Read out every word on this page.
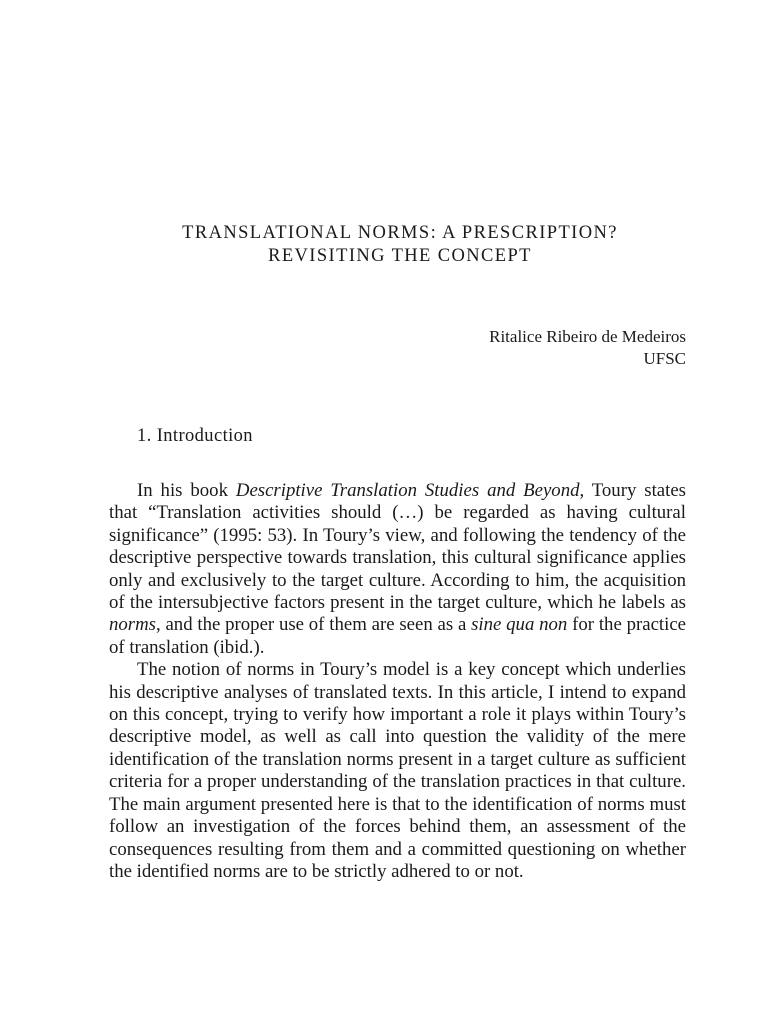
TRANSLATIONAL NORMS: A PRESCRIPTION?
REVISITING THE CONCEPT
Ritalice Ribeiro de Medeiros
UFSC
1. Introduction

In his book Descriptive Translation Studies and Beyond, Toury states that “Translation activities should (…) be regarded as having cultural significance” (1995: 53). In Toury’s view, and following the tendency of the descriptive perspective towards translation, this cultural significance applies only and exclusively to the target culture. According to him, the acquisition of the intersubjective factors present in the target culture, which he labels as norms, and the proper use of them are seen as a sine qua non for the practice of translation (ibid.).

The notion of norms in Toury’s model is a key concept which underlies his descriptive analyses of translated texts. In this article, I intend to expand on this concept, trying to verify how important a role it plays within Toury’s descriptive model, as well as call into question the validity of the mere identification of the translation norms present in a target culture as sufficient criteria for a proper understanding of the translation practices in that culture. The main argument presented here is that to the identification of norms must follow an investigation of the forces behind them, an assessment of the consequences resulting from them and a committed questioning on whether the identified norms are to be strictly adhered to or not.
